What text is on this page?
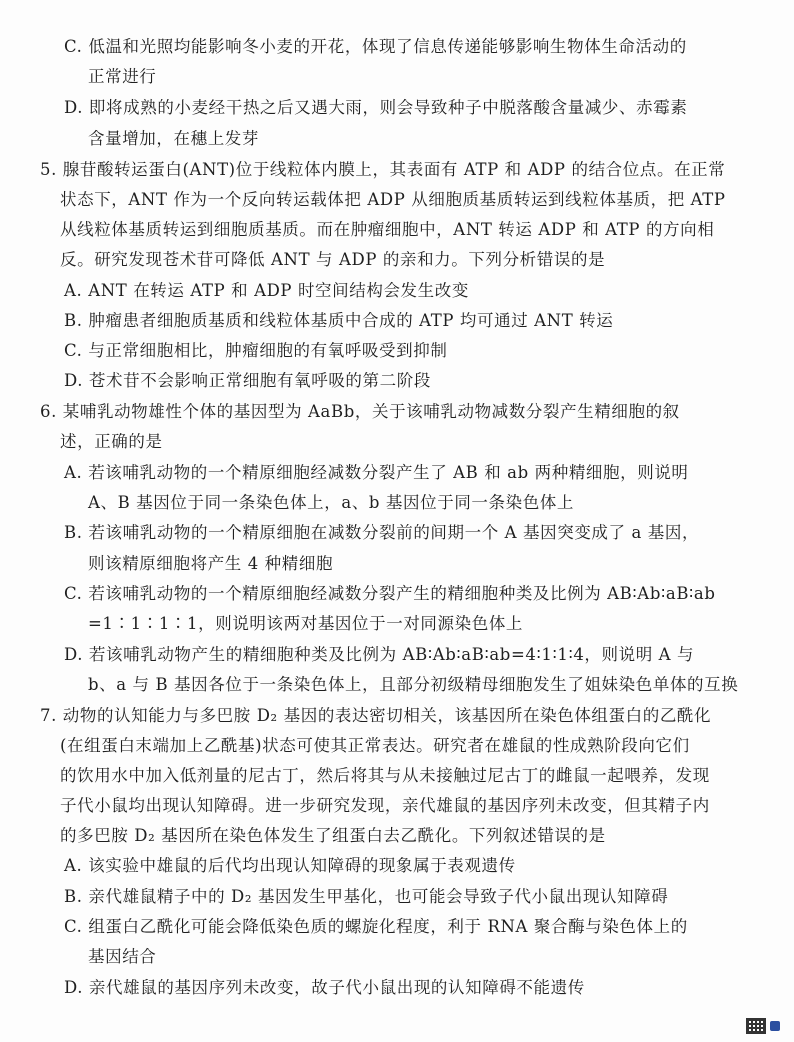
C. 低温和光照均能影响冬小麦的开花，体现了信息传递能够影响生物体生命活动的
正常进行
D. 即将成熟的小麦经干热之后又遇大雨，则会导致种子中脱落酸含量减少、赤霉素
含量增加，在穗上发芽
5. 腺苷酸转运蛋白(ANT)位于线粒体内膜上，其表面有 ATP 和 ADP 的结合位点。在正常
状态下，ANT 作为一个反向转运载体把 ADP 从细胞质基质转运到线粒体基质，把 ATP
从线粒体基质转运到细胞质基质。而在肿瘤细胞中，ANT 转运 ADP 和 ATP 的方向相
反。研究发现苍术苷可降低 ANT 与 ADP 的亲和力。下列分析错误的是
A. ANT 在转运 ATP 和 ADP 时空间结构会发生改变
B. 肿瘤患者细胞质基质和线粒体基质中合成的 ATP 均可通过 ANT 转运
C. 与正常细胞相比，肿瘤细胞的有氧呼吸受到抑制
D. 苍术苷不会影响正常细胞有氧呼吸的第二阶段
6. 某哺乳动物雄性个体的基因型为 AaBb，关于该哺乳动物减数分裂产生精细胞的叙
述，正确的是
A. 若该哺乳动物的一个精原细胞经减数分裂产生了 AB 和 ab 两种精细胞，则说明
A、B 基因位于同一条染色体上，a、b 基因位于同一条染色体上
B. 若该哺乳动物的一个精原细胞在减数分裂前的间期一个 A 基因突变成了 a 基因，
则该精原细胞将产生 4 种精细胞
C. 若该哺乳动物的一个精原细胞经减数分裂产生的精细胞种类及比例为 AB∶Ab∶aB∶ab
=1∶1∶1∶1，则说明该两对基因位于一对同源染色体上
D. 若该哺乳动物产生的精细胞种类及比例为 AB∶Ab∶aB∶ab=4∶1∶1∶4，则说明 A 与
b、a 与 B 基因各位于一条染色体上，且部分初级精母细胞发生了姐妹染色单体的互换
7. 动物的认知能力与多巴胺 D₂ 基因的表达密切相关，该基因所在染色体组蛋白的乙酰化
(在组蛋白末端加上乙酰基)状态可使其正常表达。研究者在雄鼠的性成熟阶段向它们
的饮用水中加入低剂量的尼古丁，然后将其与从未接触过尼古丁的雌鼠一起喂养，发现
子代小鼠均出现认知障碍。进一步研究发现，亲代雄鼠的基因序列未改变，但其精子内
的多巴胺 D₂ 基因所在染色体发生了组蛋白去乙酰化。下列叙述错误的是
A. 该实验中雄鼠的后代均出现认知障碍的现象属于表观遗传
B. 亲代雄鼠精子中的 D₂ 基因发生甲基化，也可能会导致子代小鼠出现认知障碍
C. 组蛋白乙酰化可能会降低染色质的螺旋化程度，利于 RNA 聚合酶与染色体上的
基因结合
D. 亲代雄鼠的基因序列未改变，故子代小鼠出现的认知障碍不能遗传
